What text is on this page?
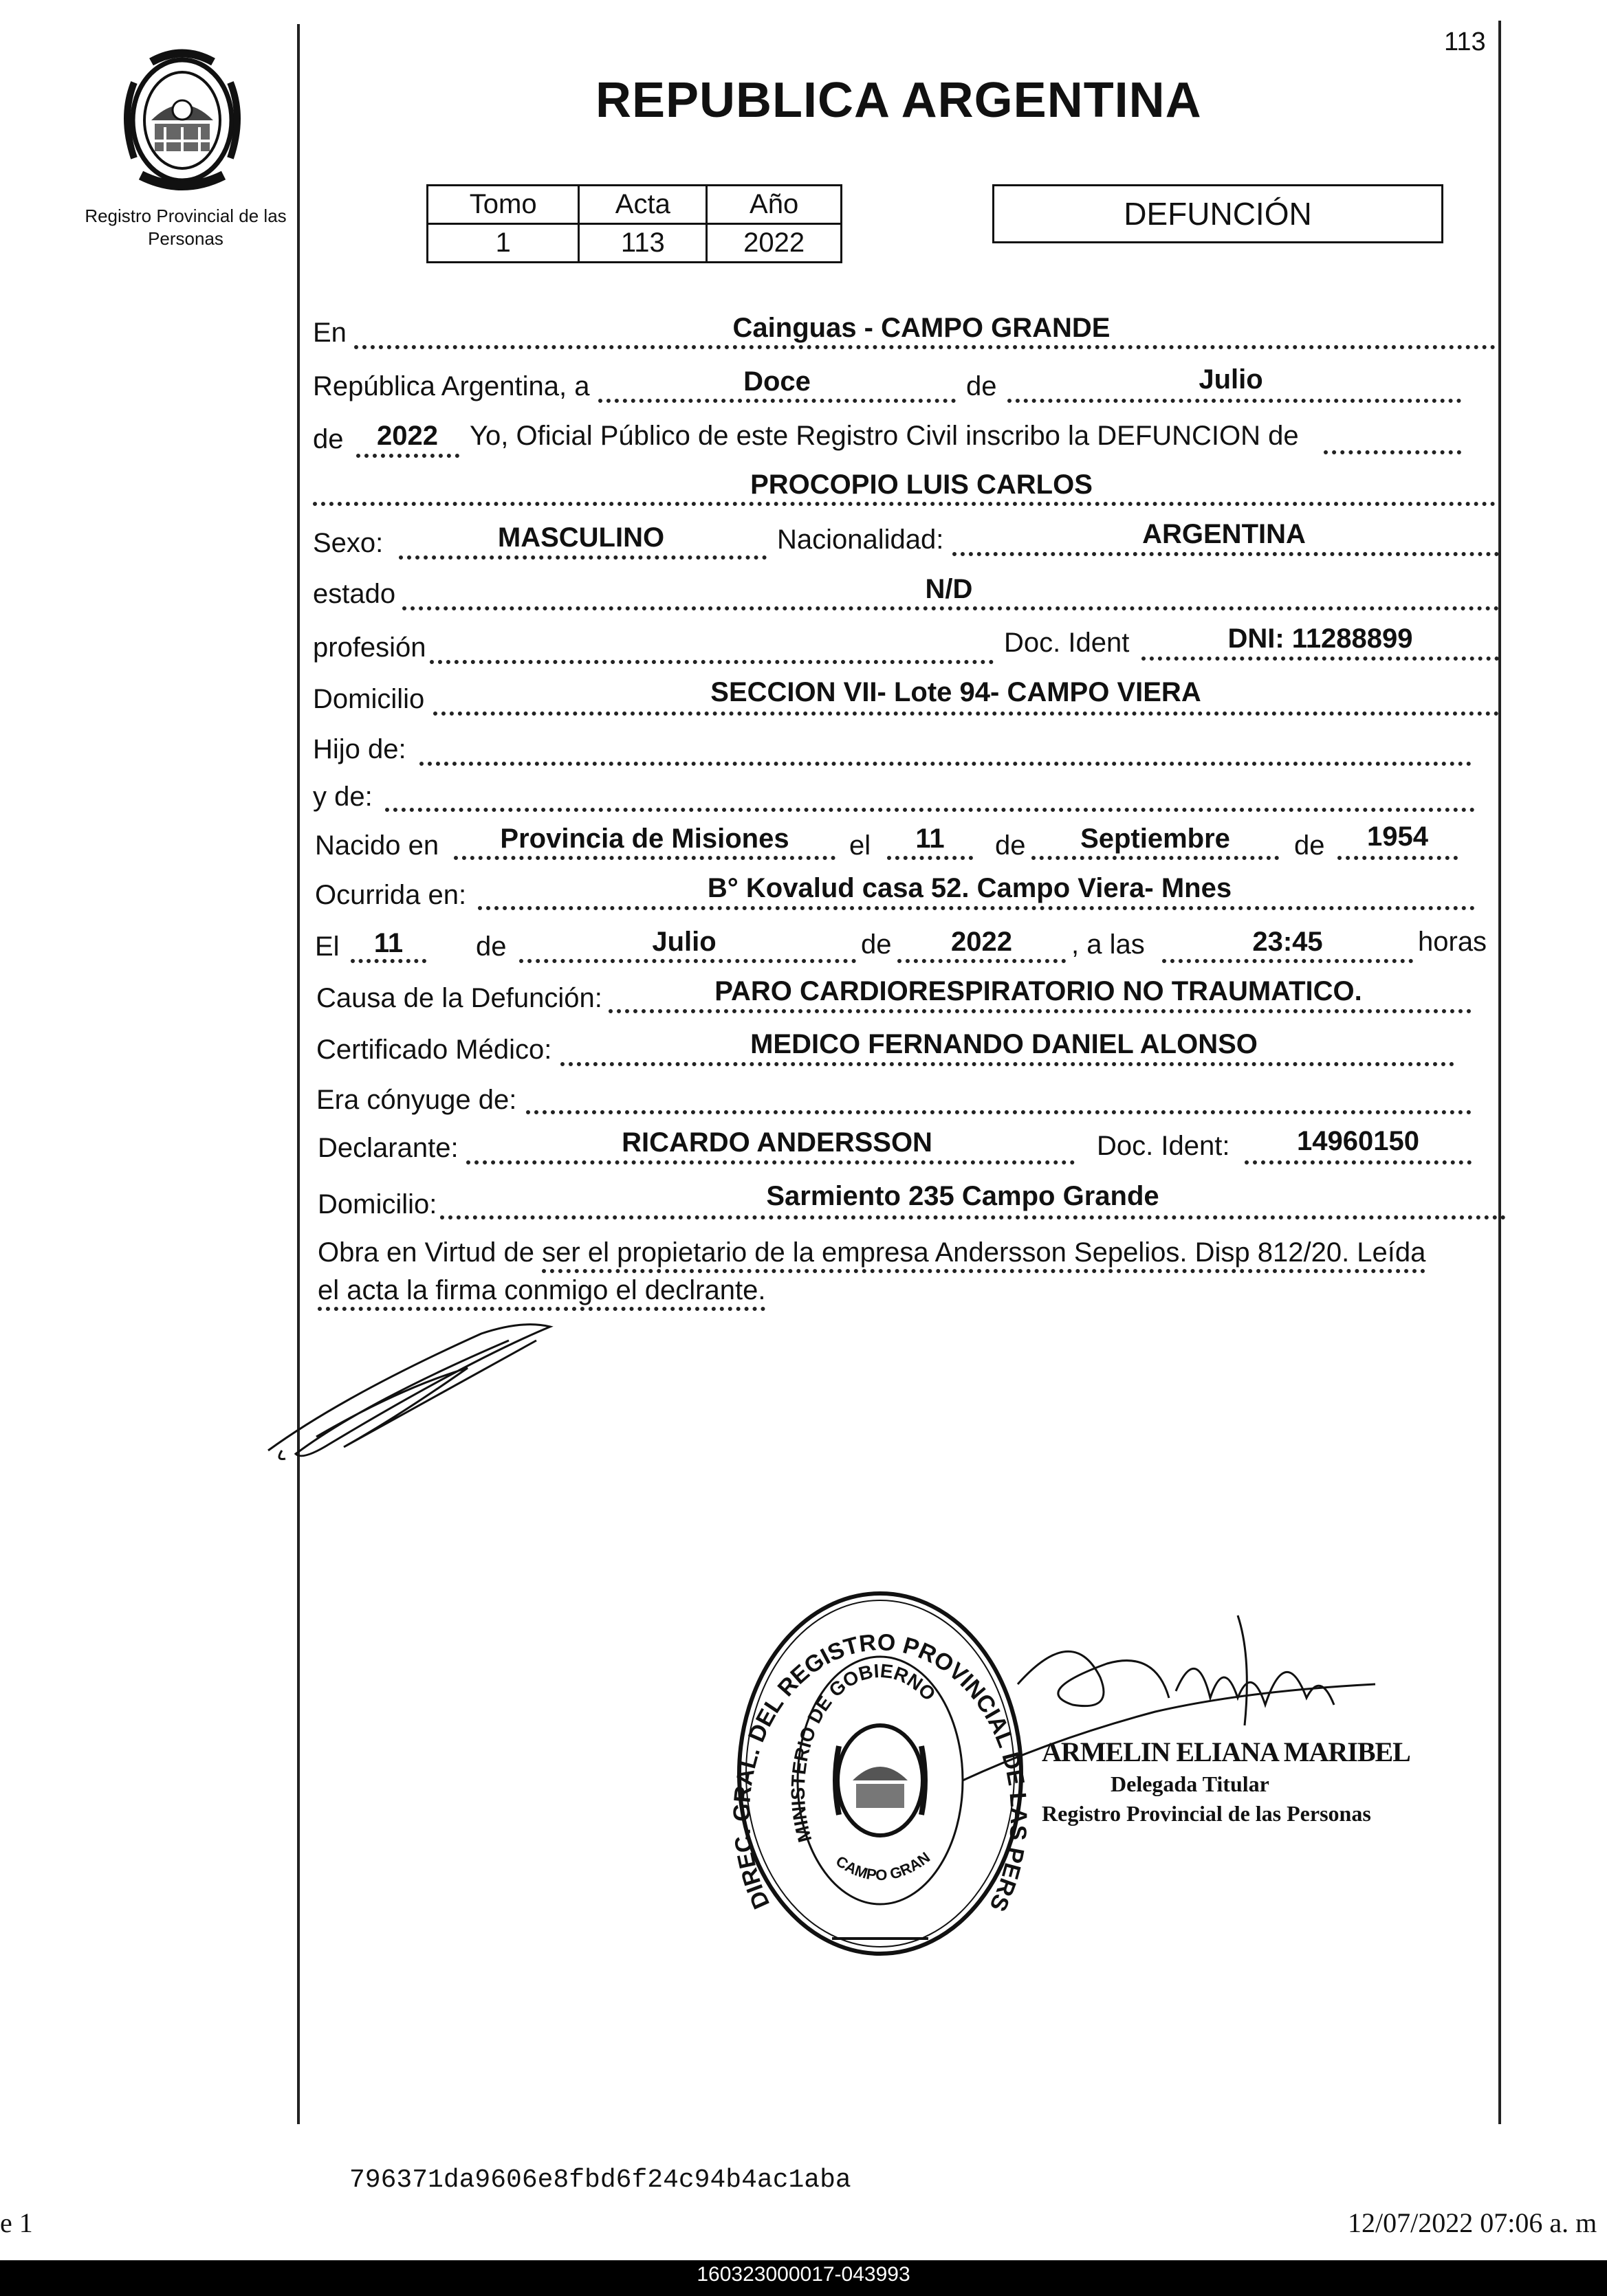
113
Registro Provincial de las Personas
REPUBLICA ARGENTINA
Tomo	Acta	Año
1	113	2022
DEFUNCIÓN
En	Cainguas - CAMPO GRANDE
República Argentina, a	Doce	de	Julio
de	2022	Yo, Oficial Público de este Registro Civil inscribo la DEFUNCION de
PROCOPIO LUIS CARLOS
Sexo:	MASCULINO	Nacionalidad:	ARGENTINA
estado	N/D
profesión	Doc. Ident	DNI: 11288899
Domicilio	SECCION VII- Lote 94- CAMPO VIERA
Hijo de:
y de:
Nacido en	Provincia de Misiones	el	11	de	Septiembre	de	1954
Ocurrida en:	B° Kovalud casa 52. Campo Viera- Mnes
El	11	de	Julio	de	2022	, a las	23:45	horas
Causa de la Defunción:	PARO CARDIORESPIRATORIO NO TRAUMATICO.
Certificado Médico:	MEDICO FERNANDO DANIEL ALONSO
Era cónyuge de:
Declarante:	RICARDO ANDERSSON	Doc. Ident:	14960150
Domicilio:	Sarmiento 235 Campo Grande
Obra en Virtud de ser el propietario de la empresa Andersson Sepelios. Disp 812/20. Leída
el acta la firma conmigo el declrante.
DIREC. GRAL. DEL REGISTRO PROVINCIAL DE LAS PERS
MINISTERIO DE GOBIERNO
CAMPO GRAN
ARMELIN ELIANA MARIBEL
Delegada Titular
Registro Provincial de las Personas
796371da9606e8fbd6f24c94b4ac1aba
e 1	12/07/2022 07:06 a. m
160323000017-043993
